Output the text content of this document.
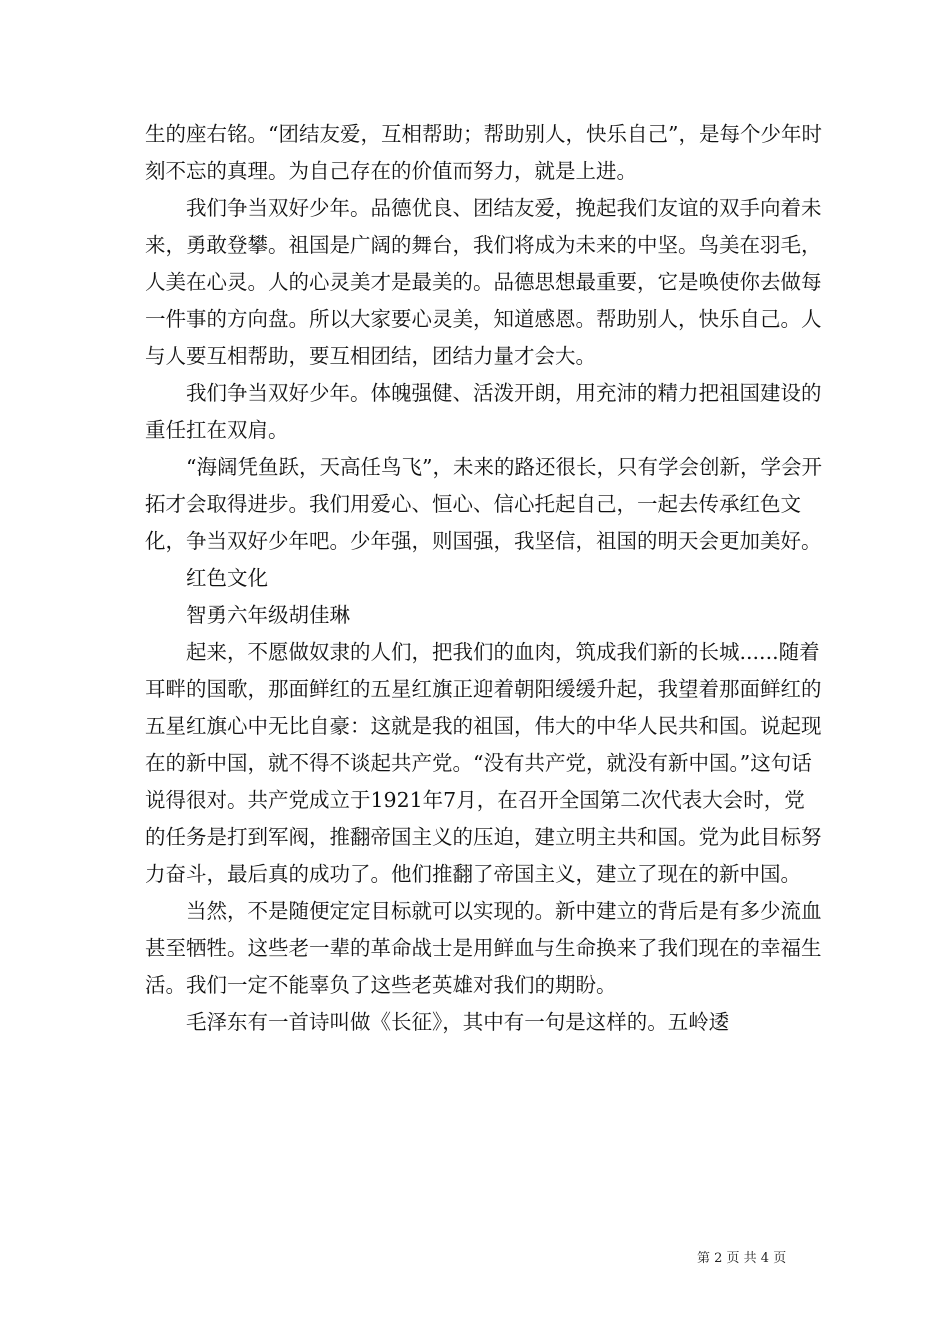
生的座右铭。“团结友爱，互相帮助；帮助别人，快乐自己”，是每个少年时刻不忘的真理。为自己存在的价值而努力，就是上进。

我们争当双好少年。品德优良、团结友爱，挽起我们友谊的双手向着未来，勇敢登攀。祖国是广阔的舞台，我们将成为未来的中坚。鸟美在羽毛，人美在心灵。人的心灵美才是最美的。品德思想最重要，它是唤使你去做每一件事的方向盘。所以大家要心灵美，知道感恩。帮助别人，快乐自己。人与人要互相帮助，要互相团结，团结力量才会大。

我们争当双好少年。体魄强健、活泼开朗，用充沛的精力把祖国建设的重任扛在双肩。

“海阔凭鱼跃，天高任鸟飞”，未来的路还很长，只有学会创新，学会开拓才会取得进步。我们用爱心、恒心、信心托起自己，一起去传承红色文化，争当双好少年吧。少年强，则国强，我坚信，祖国的明天会更加美好。

红色文化

智勇六年级胡佳琳

起来，不愿做奴隶的人们，把我们的血肉，筑成我们新的长城......随着耳畔的国歌，那面鲜红的五星红旗正迎着朝阳缓缓升起，我望着那面鲜红的五星红旗心中无比自豪：这就是我的祖国，伟大的中华人民共和国。说起现在的新中国，就不得不谈起共产党。“没有共产党，就没有新中国。”这句话说得很对。共产党成立于1921年7月，在召开全国第二次代表大会时，党的任务是打到军阀，推翻帝国主义的压迫，建立明主共和国。党为此目标努力奋斗，最后真的成功了。他们推翻了帝国主义，建立了现在的新中国。

当然，不是随便定定目标就可以实现的。新中建立的背后是有多少流血甚至牺牲。这些老一辈的革命战士是用鲜血与生命换来了我们现在的幸福生活。我们一定不能辜负了这些老英雄对我们的期盼。

毛泽东有一首诗叫做《长征》，其中有一句是这样的。五岭逶

第 2 页 共 4 页
